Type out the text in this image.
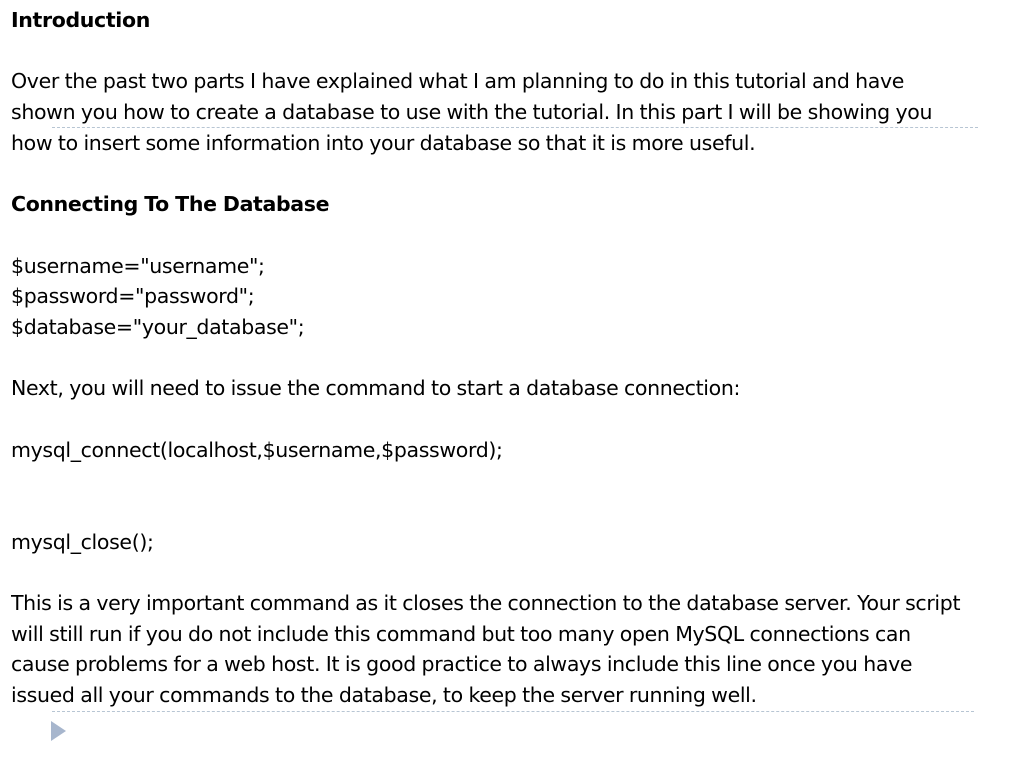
Introduction
Over the past two parts I have explained what I am planning to do in this tutorial and have
shown you how to create a database to use with the tutorial. In this part I will be showing you
how to insert some information into your database so that it is more useful.
Connecting To The Database
$username="username";
$password="password";
$database="your_database";
Next, you will need to issue the command to start a database connection:
mysql_connect(localhost,$username,$password);
mysql_close();
This is a very important command as it closes the connection to the database server. Your script
will still run if you do not include this command but too many open MySQL connections can
cause problems for a web host. It is good practice to always include this line once you have
issued all your commands to the database, to keep the server running well.
